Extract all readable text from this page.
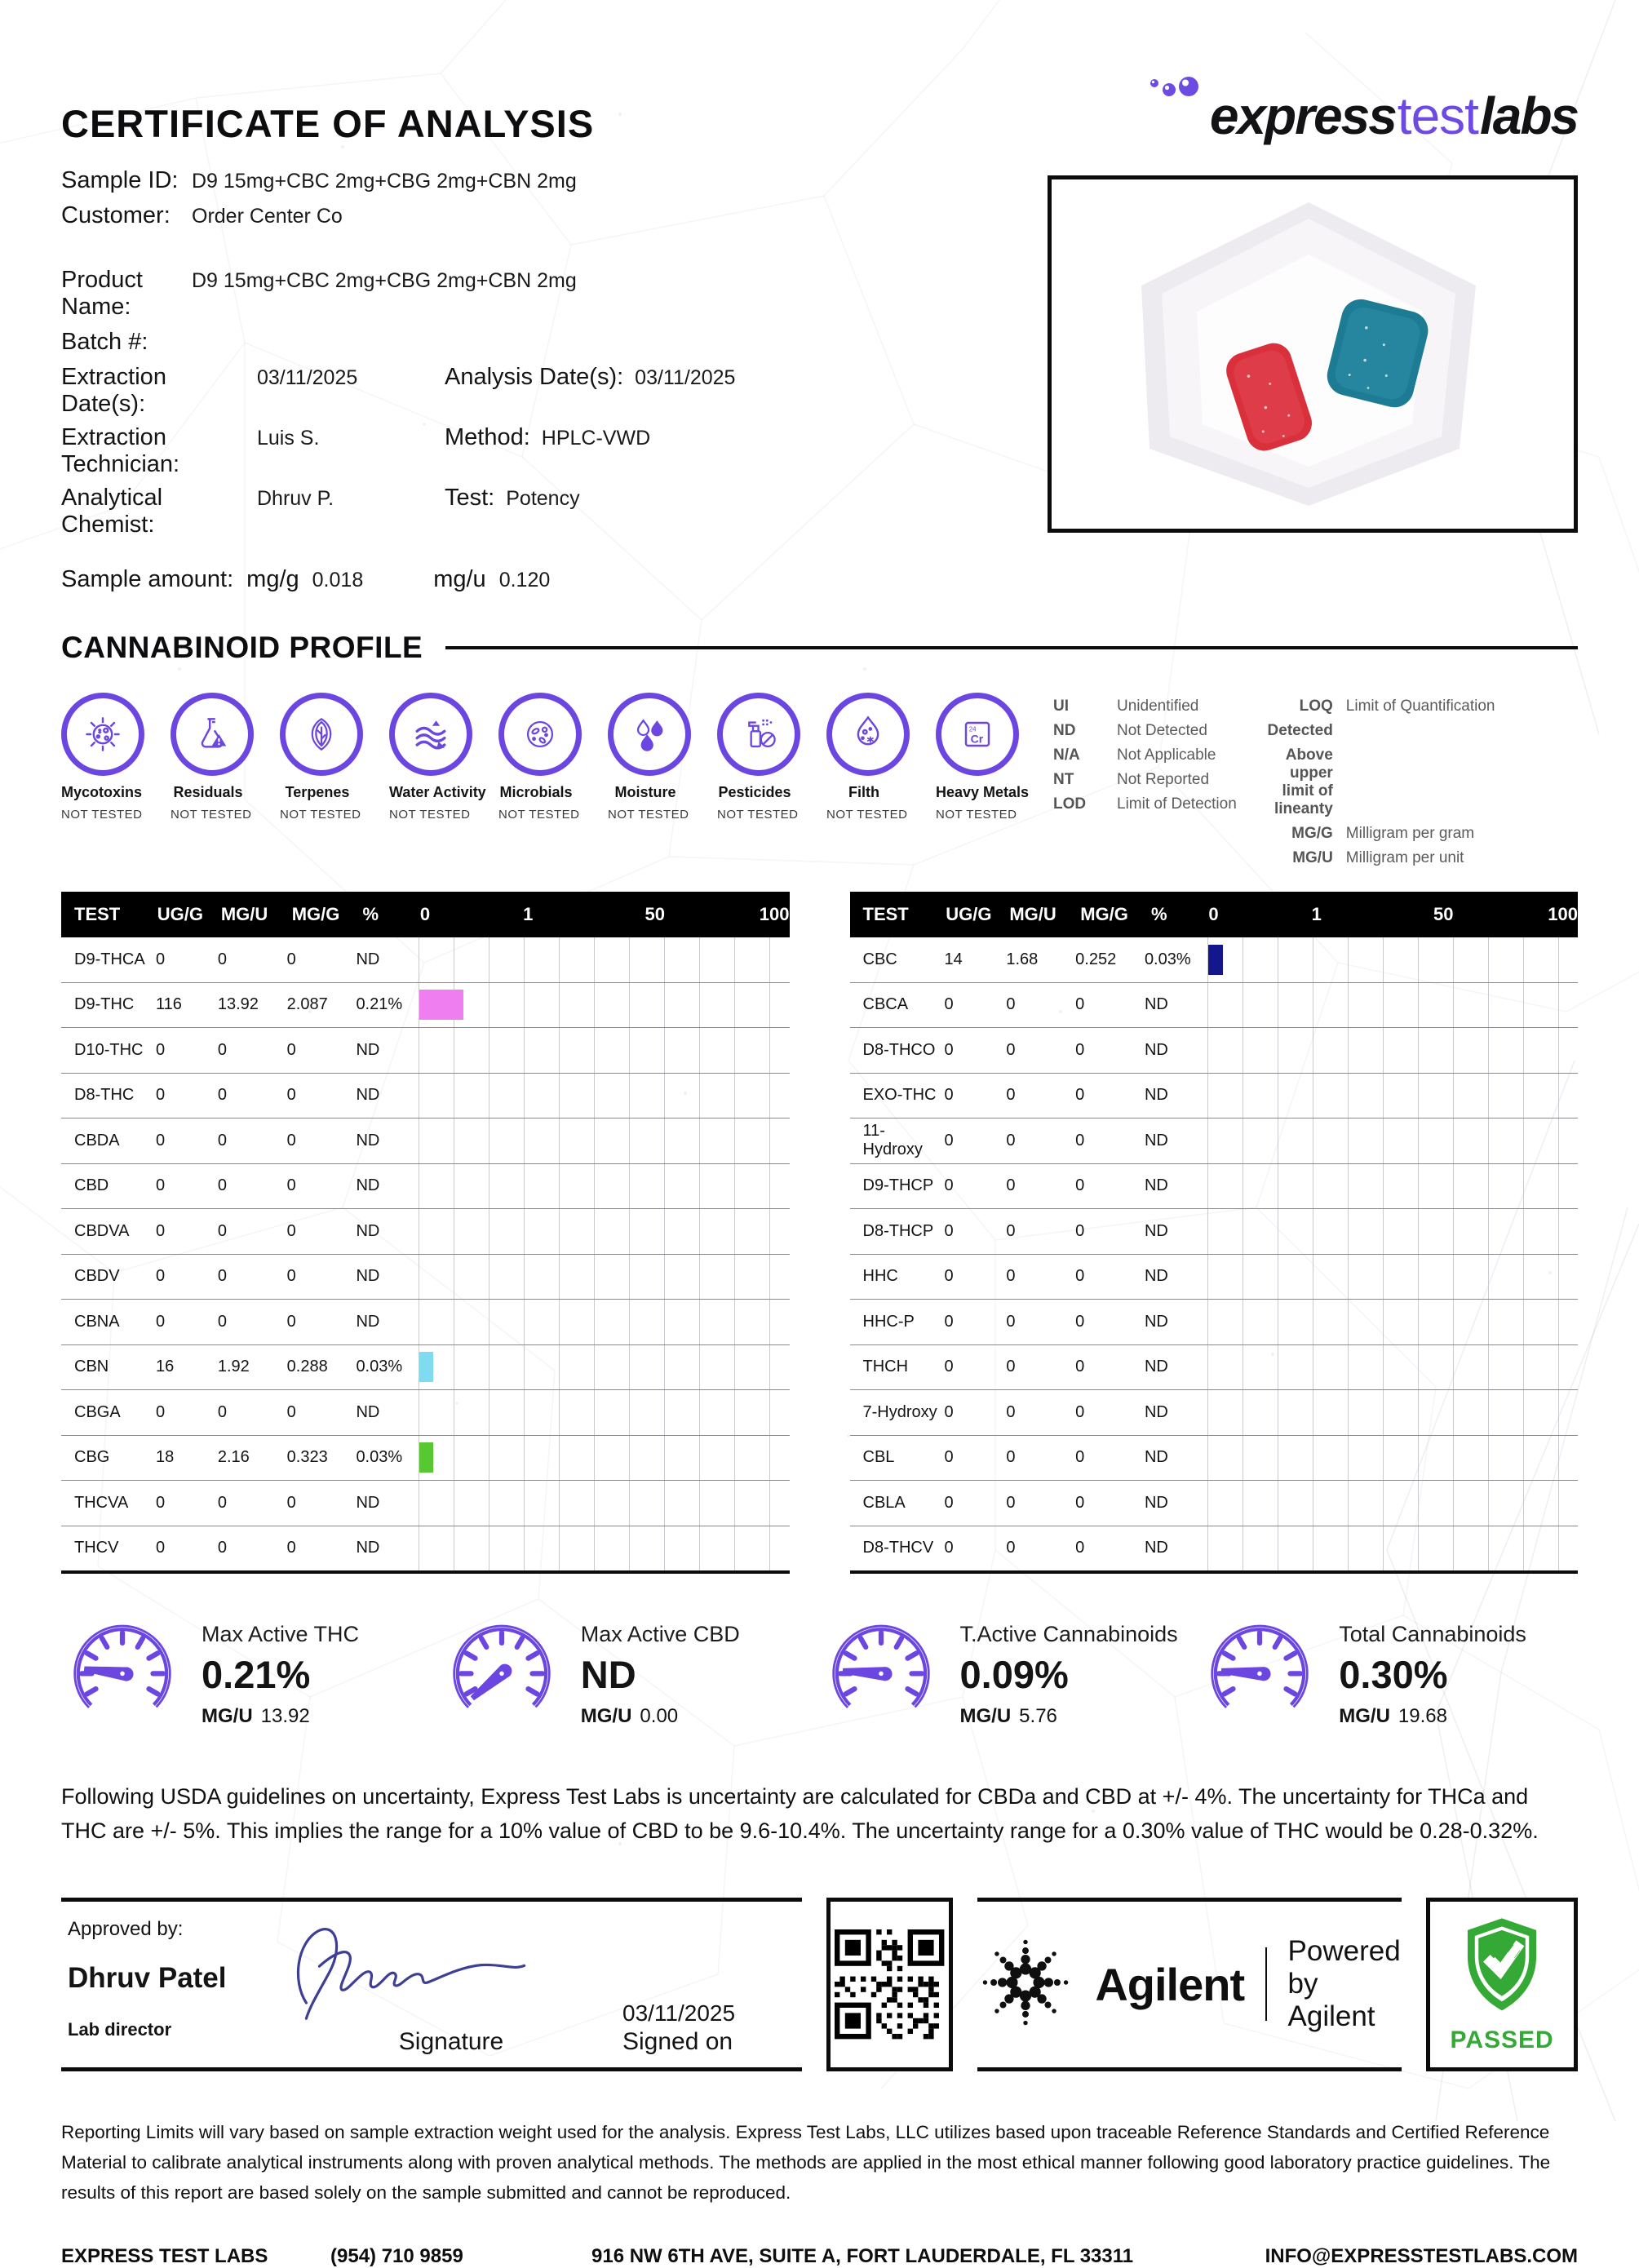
CERTIFICATE OF ANALYSIS	express test labs
Sample ID: D9 15mg+CBC 2mg+CBG 2mg+CBN 2mg
Customer:	Order Center Co
Product Name:
D9 15mg+CBC 2mg+CBG 2mg+CBN 2mg
Batch #:
Extraction Date(s):
03/11/2025	Analysis Date(s): 03/11/2025
Extraction Technician:
Luis S.	Method: HPLC-VWD
Analytical Chemist:
Dhruv P.	Test: Potency
Sample amount: mg/g 0.018	mg/u 0.120
CANNABINOID PROFILE
Mycotoxins
NOT TESTED
Residuals
NOT TESTED
Terpenes
NOT TESTED
Water Activity
NOT TESTED
Microbials
NOT TESTED
Moisture
NOT TESTED
Pesticides
NOT TESTED
Filth
NOT TESTED
24
Cr
Heavy Metals
NOT TESTED
UI	Unidentified
ND	Not Detected
N/A	Not Applicable
NT	Not Reported
LOD	Limit of Detection
LOQ Limit of Quantification
Detected
Above upper limit of lineanty
MG/G Milligram per gram
MG/U Milligram per unit
TEST	UG/G MG/U	MG/G	%	0	1	50	100
D9-THCA 0	0	0	ND
D9-THC	116	13.92	2.087	0.21%
D10-THC 0	0	0	ND
D8-THC	0	0	0	ND
CBDA	0	0	0	ND
CBD	0	0	0	ND
CBDVA	0	0	0	ND
CBDV	0	0	0	ND
CBNA	0	0	0	ND
CBN	16	1.92	0.288	0.03%
CBGA	0	0	0	ND
CBG	18	2.16	0.323	0.03%
THCVA	0	0	0	ND
THCV	0	0	0	ND
TEST	UG/G MG/U	MG/G	%	0	1	50	100
CBC	14	1.68	0.252	0.03%
CBCA	0	0	0	ND
D8-THCO 0	0	0	ND
EXO-THC 0	0	0	ND
11-Hydroxy
0	0	0	ND
D9-THCP 0	0	0	ND
D8-THCP 0	0	0	ND
HHC	0	0	0	ND
HHC-P	0	0	0	ND
THCH	0	0	0	ND
7-Hydroxy 0	0	0	ND
CBL	0	0	0	ND
CBLA	0	0	0	ND
D8-THCV 0	0	0	ND
Max Active THC
0.21%
MG/U 13.92
Max Active CBD
ND
MG/U 0.00
T.Active Cannabinoids
0.09%
MG/U 5.76
Total Cannabinoids
0.30%
MG/U 19.68
Following USDA guidelines on uncertainty, Express Test Labs is uncertainty are calculated for CBDa and CBD at +/- 4%. The uncertainty for THCa and THC are +/- 5%. This implies the range for a 10% value of CBD to be 9.6-10.4%. The uncertainty range for a 0.30% value of THC would be 0.28-0.32%.
Approved by:
Dhruv Patel
Lab director	Signature
03/11/2025
Signed on
Agilent
Powered by Agilent
PASSED
Reporting Limits will vary based on sample extraction weight used for the analysis. Express Test Labs, LLC utilizes based upon traceable Reference Standards and Certified Reference Material to calibrate analytical instruments along with proven analytical methods. The methods are applied in the most ethical manner following good laboratory practice guidelines. The results of this report are based solely on the sample submitted and cannot be reproduced.
EXPRESS TEST LABS	(954) 710 9859	916 NW 6TH AVE, SUITE A, FORT LAUDERDALE, FL 33311	INFO@EXPRESSTESTLABS.COM
